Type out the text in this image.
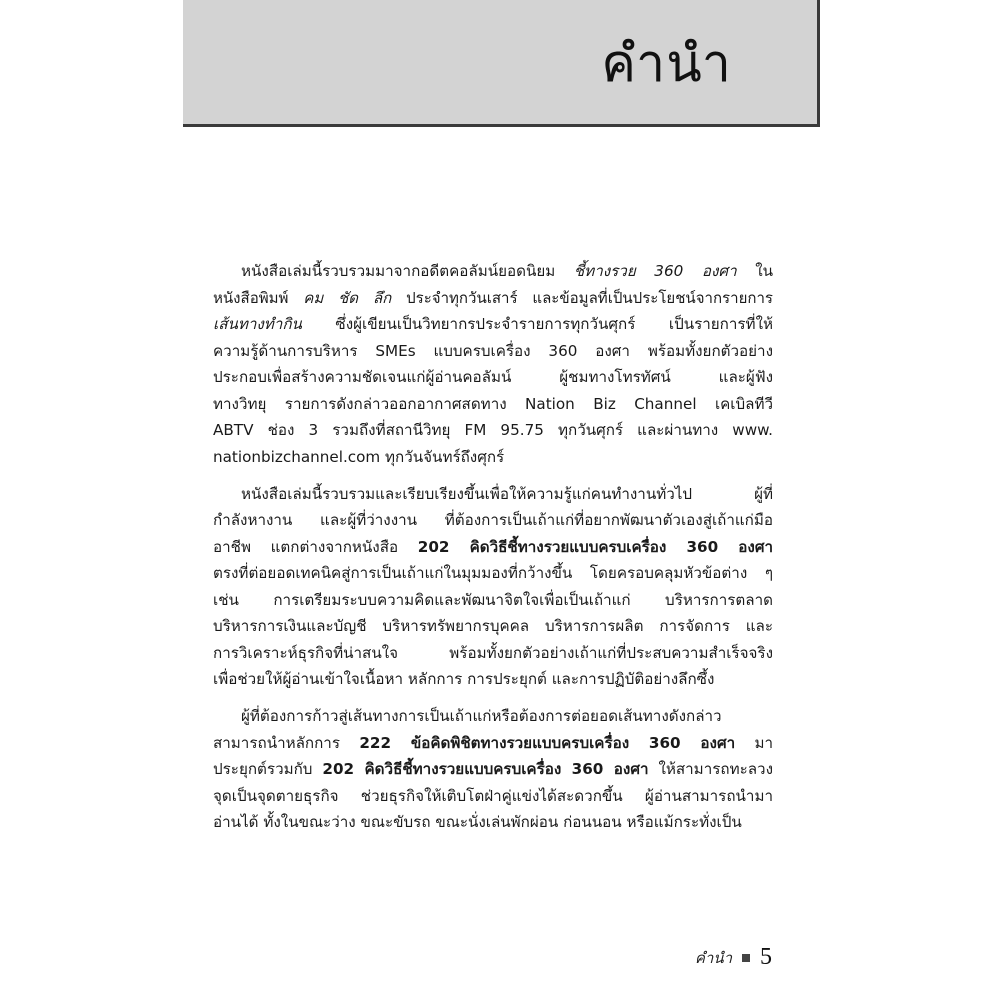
คำนำ
หนังสือเล่มนี้รวบรวมมาจากอดีตคอลัมน์ยอดนิยม ชี้ทางรวย 360 องศา ใน
หนังสือพิมพ์ คม ชัด ลึก ประจำทุกวันเสาร์ และข้อมูลที่เป็นประโยชน์จากรายการ
เส้นทางทำกิน ซึ่งผู้เขียนเป็นวิทยากรประจำรายการทุกวันศุกร์ เป็นรายการที่ให้
ความรู้ด้านการบริหาร SMEs แบบครบเครื่อง 360 องศา พร้อมทั้งยกตัวอย่าง
ประกอบเพื่อสร้างความชัดเจนแก่ผู้อ่านคอลัมน์ ผู้ชมทางโทรทัศน์ และผู้ฟัง
ทางวิทยุ รายการดังกล่าวออกอากาศสดทาง Nation Biz Channel เคเบิลทีวี
ABTV ช่อง 3 รวมถึงที่สถานีวิทยุ FM 95.75 ทุกวันศุกร์ และผ่านทาง www.
nationbizchannel.com ทุกวันจันทร์ถึงศุกร์
หนังสือเล่มนี้รวบรวมและเรียบเรียงขึ้นเพื่อให้ความรู้แก่คนทำงานทั่วไป ผู้ที่
กำลังหางาน และผู้ที่ว่างงาน ที่ต้องการเป็นเถ้าแก่ที่อยากพัฒนาตัวเองสู่เถ้าแก่มือ
อาชีพ แตกต่างจากหนังสือ 202 คิดวิธีชี้ทางรวยแบบครบเครื่อง 360 องศา
ตรงที่ต่อยอดเทคนิคสู่การเป็นเถ้าแก่ในมุมมองที่กว้างขึ้น โดยครอบคลุมหัวข้อต่าง ๆ
เช่น การเตรียมระบบความคิดและพัฒนาจิตใจเพื่อเป็นเถ้าแก่ บริหารการตลาด
บริหารการเงินและบัญชี บริหารทรัพยากรบุคคล บริหารการผลิต การจัดการ และ
การวิเคราะห์ธุรกิจที่น่าสนใจ พร้อมทั้งยกตัวอย่างเถ้าแก่ที่ประสบความสำเร็จจริง
เพื่อช่วยให้ผู้อ่านเข้าใจเนื้อหา หลักการ การประยุกต์ และการปฏิบัติอย่างลึกซึ้ง
ผู้ที่ต้องการก้าวสู่เส้นทางการเป็นเถ้าแก่หรือต้องการต่อยอดเส้นทางดังกล่าว
สามารถนำหลักการ 222 ข้อคิดพิชิตทางรวยแบบครบเครื่อง 360 องศา มา
ประยุกต์รวมกับ 202 คิดวิธีชี้ทางรวยแบบครบเครื่อง 360 องศา ให้สามารถทะลวง
จุดเป็นจุดตายธุรกิจ ช่วยธุรกิจให้เติบโตฝ่าคู่แข่งได้สะดวกขึ้น ผู้อ่านสามารถนำมา
อ่านได้ ทั้งในขณะว่าง ขณะขับรถ ขณะนั่งเล่นพักผ่อน ก่อนนอน หรือแม้กระทั่งเป็น
คำนำ 5
